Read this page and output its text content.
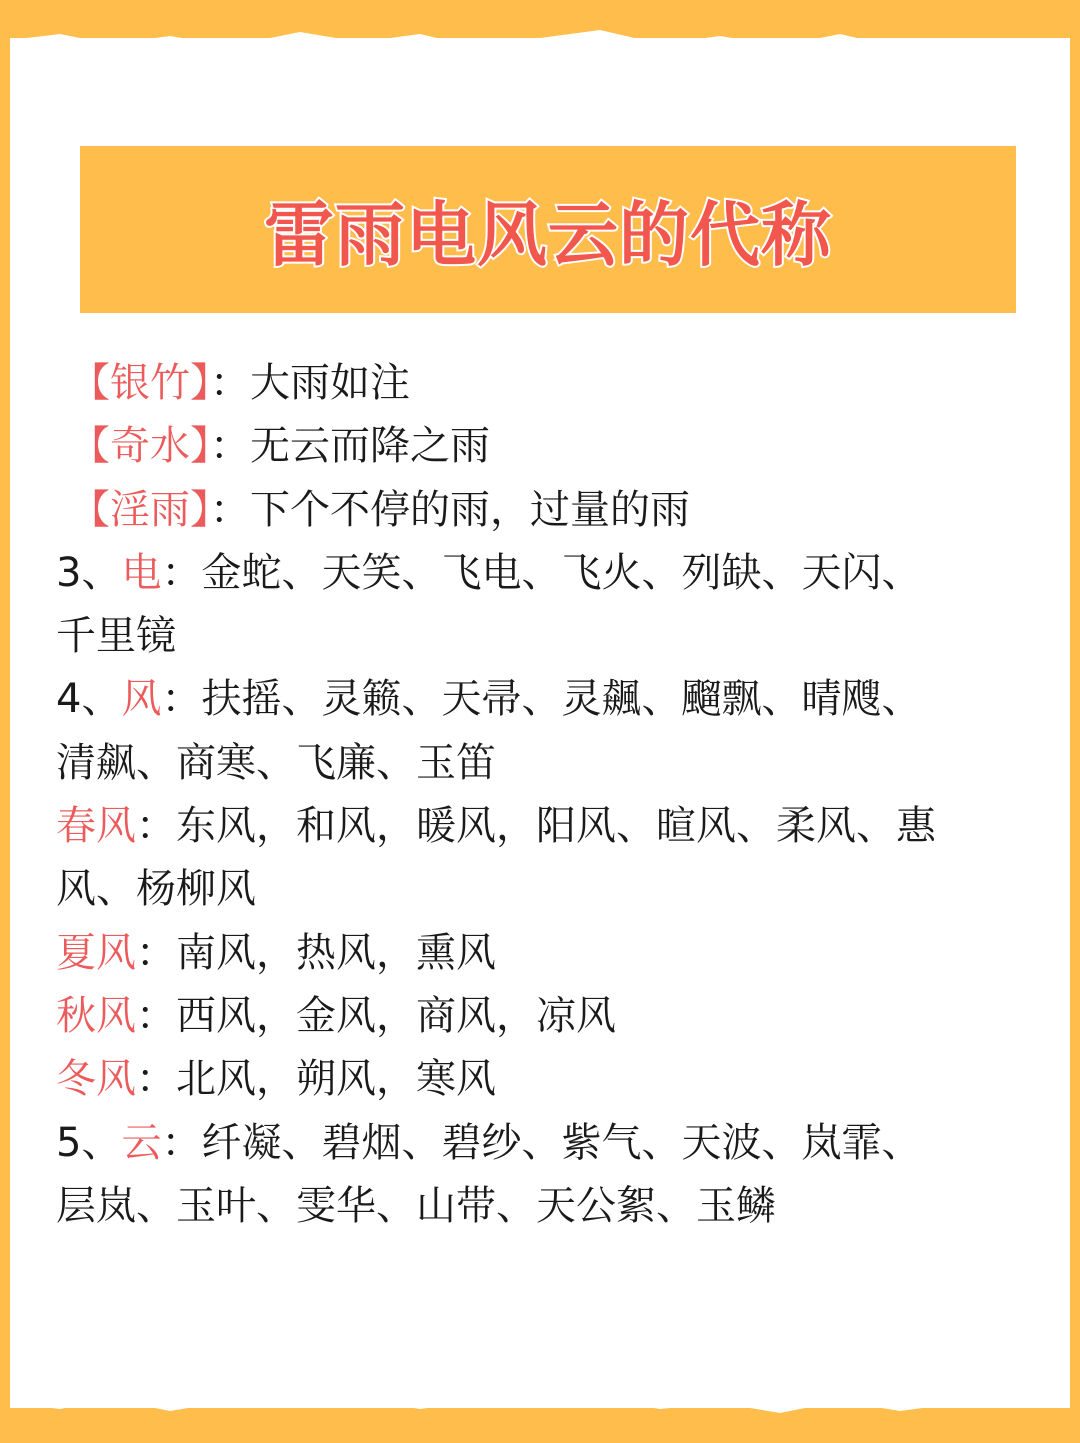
雷雨电风云的代称
【银竹】：大雨如注
【奇水】：无云而降之雨
【淫雨】：下个不停的雨，过量的雨
3、电：金蛇、天笑、飞电、飞火、列缺、天闪、
千里镜
4、风：扶摇、灵籁、天帚、灵飆、飀飘、晴飕、
清飙、商寒、飞廉、玉笛
春风：东风，和风，暖风，阳风、暄风、柔风、惠
风、杨柳风
夏风：南风，热风，熏风
秋风：西风，金风，商风，凉风
冬风：北风，朔风，寒风
5、云：纤凝、碧烟、碧纱、紫气、天波、岚霏、
层岚、玉叶、雯华、山带、天公絮、玉鳞
